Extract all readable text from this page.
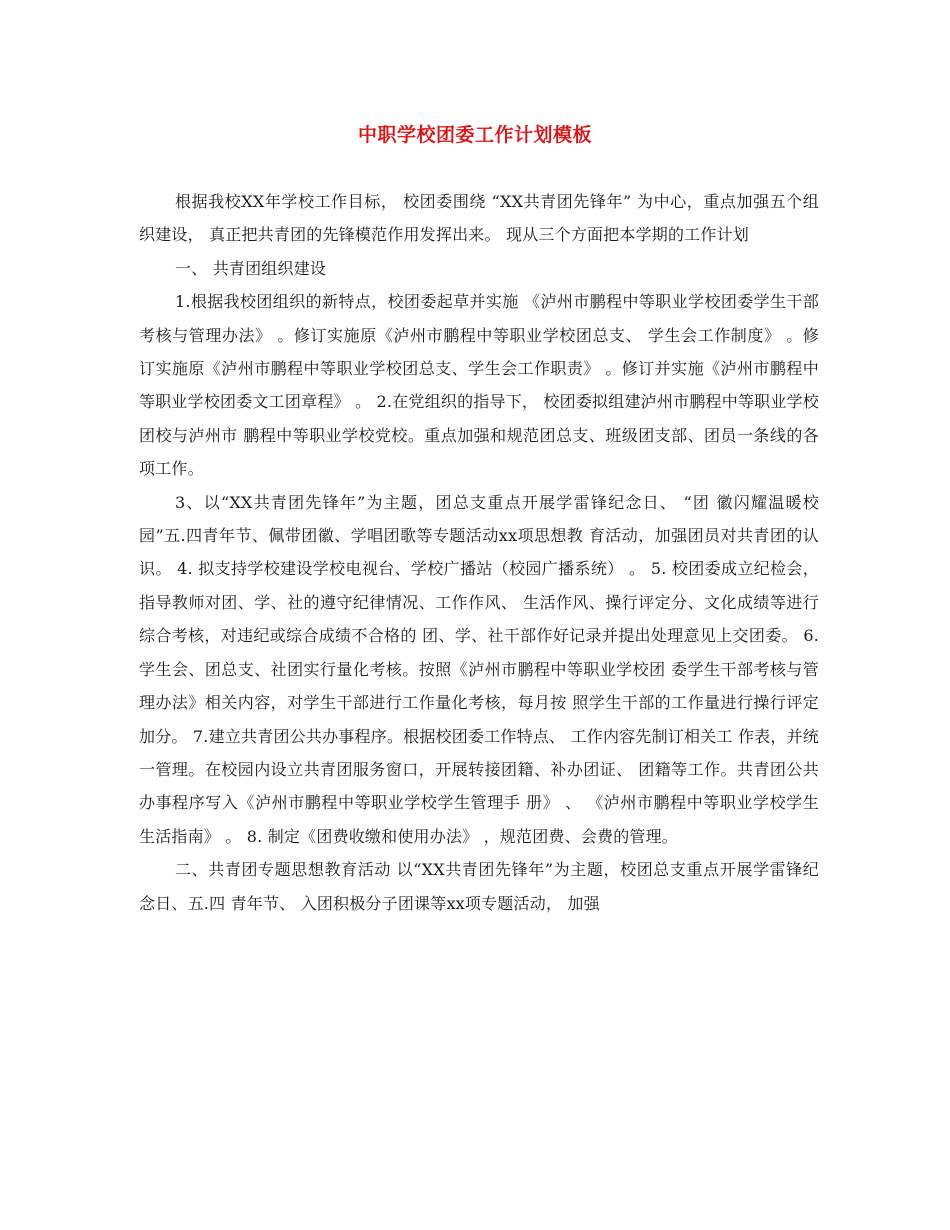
中职学校团委工作计划模板

根据我校XX年学校工作目标， 校团委围绕 “XX共青团先锋年” 为中心，重点加强五个组织建设， 真正把共青团的先锋模范作用发挥出来。 现从三个方面把本学期的工作计划

一、 共青团组织建设

1.根据我校团组织的新特点，校团委起草并实施 《泸州市鹏程中等职业学校团委学生干部考核与管理办法》 。修订实施原《泸州市鹏程中等职业学校团总支、 学生会工作制度》 。修订实施原《泸州市鹏程中等职业学校团总支、学生会工作职责》 。修订并实施《泸州市鹏程中等职业学校团委文工团章程》 。 2.在党组织的指导下， 校团委拟组建泸州市鹏程中等职业学校团校与泸州市 鹏程中等职业学校党校。重点加强和规范团总支、班级团支部、团员一条线的各 项工作。

3、以“XX共青团先锋年”为主题，团总支重点开展学雷锋纪念日、 “团 徽闪耀温暖校园”五.四青年节、佩带团徽、学唱团歌等专题活动xx项思想教 育活动，加强团员对共青团的认识。 4. 拟支持学校建设学校电视台、学校广播站（校园广播系统） 。 5. 校团委成立纪检会，指导教师对团、学、社的遵守纪律情况、工作作风、 生活作风、操行评定分、文化成绩等进行综合考核，对违纪或综合成绩不合格的 团、学、社干部作好记录并提出处理意见上交团委。 6.学生会、团总支、社团实行量化考核。按照《泸州市鹏程中等职业学校团 委学生干部考核与管理办法》相关内容，对学生干部进行工作量化考核，每月按 照学生干部的工作量进行操行评定加分。 7.建立共青团公共办事程序。根据校团委工作特点、 工作内容先制订相关工 作表，并统一管理。在校园内设立共青团服务窗口，开展转接团籍、补办团证、 团籍等工作。共青团公共办事程序写入《泸州市鹏程中等职业学校学生管理手 册》 、 《泸州市鹏程中等职业学校学生生活指南》 。 8. 制定《团费收缴和使用办法》 ，规范团费、会费的管理。

二、共青团专题思想教育活动 以“XX共青团先锋年”为主题，校团总支重点开展学雷锋纪念日、五.四 青年节、 入团积极分子团课等xx项专题活动， 加强
